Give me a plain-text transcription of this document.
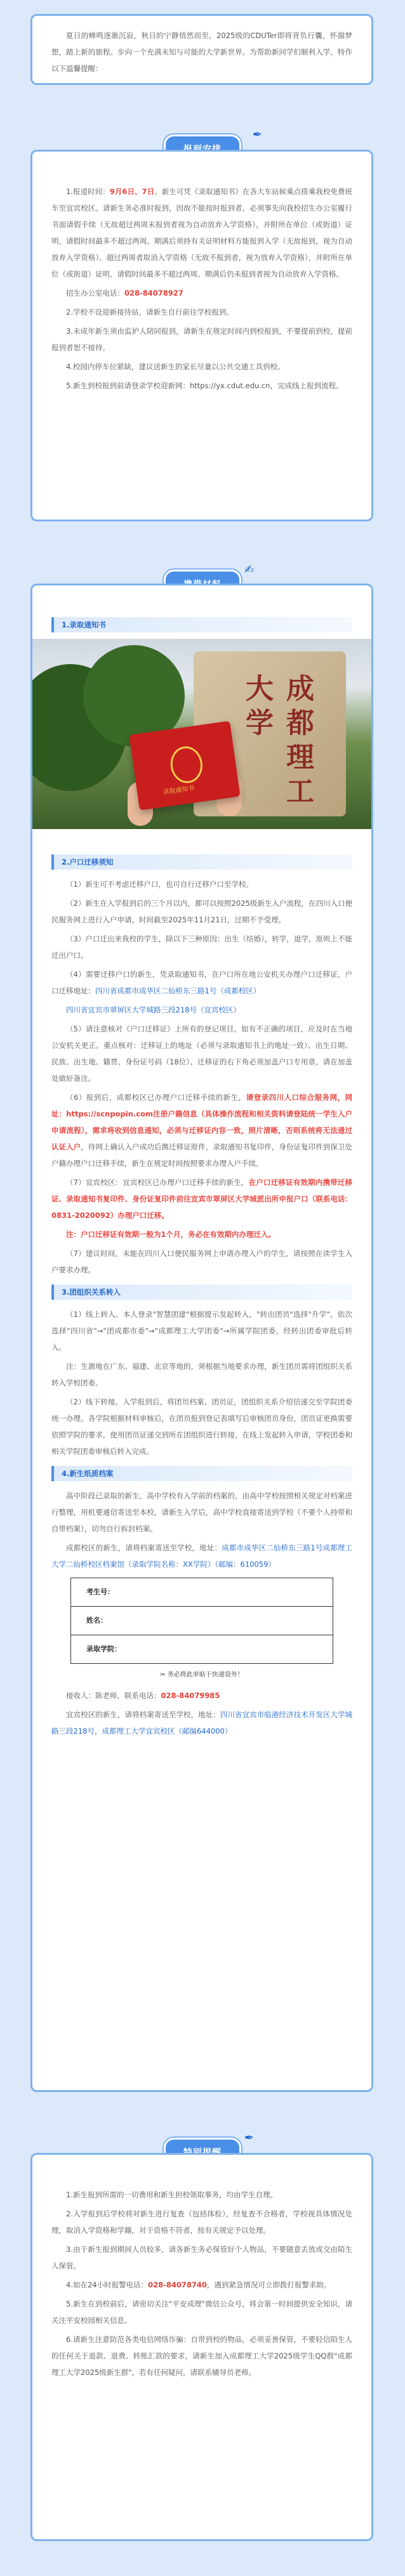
夏日的蝉鸣逐渐沉寂，秋日的宁静悄然而至。2025级的CDUTer即将背负行囊，怀揣梦想，踏上新的旅程。步向一个充满未知与可能的大学新世界。为帮助新同学们顺利入学，特作以下温馨提醒：

✒

1.报道时间：9月6日、7日。新生可凭《录取通知书》在各大车站候乘点搭乘我校免费班车至宜宾校区。请新生务必准时报到，因故不能按时报到者，必须事先向我校招生办公室履行书面请假手续（无故超过两周未报到者视为自动放弃入学资格），并附所在单位（或街道）证明，请假时间最多不超过两周。期满后须持有关证明材料方能报到入学（无故报到，视为自动放弃入学资格）。超过两周者取消入学资格（无故不报到者，视为放弃入学资格），并附所在单位（或街道）证明，请假时间最多不超过两周。期满后仍未报到者视为自动放弃入学资格。

招生办公室电话：028-84078927

2.学校不设迎新接待站，请新生自行前往学校报到。

3.未成年新生须由监护人陪同报到，请新生在规定时间内到校报到，不要提前到校，提前报到者恕不接待。

4.校园内停车位紧缺，建议送新生的家长尽量以公共交通工具到校。

5.新生到校报到前请登录学校迎新网：https://yx.cdut.edu.cn，完成线上报到流程。

✍
1.录取通知书
成都理工大学
录取通知书
2.户口迁移须知

（1）新生可不考虑迁移户口，也可自行迁移户口至学校。

（2）新生在入学报到后的三个月以内，都可以按照2025级新生入户流程，在四川入口便民服务网上进行入户申请，时间截至2025年11月21日，过期不予受理。

（3）户口迁出来我校的学生，除以下三种原因：出生（结婚），转学，退学，原则上不能迁出户口。

（4）需要迁移户口的新生，凭录取通知书，在户口所在地公安机关办理户口迁移证，户口迁移地址：四川省成都市成华区二仙桥东三路1号（成都校区）

四川省宜宾市翠屏区大学城路三段218号（宜宾校区）

（5）请注意核对《户口迁移证》上所有的登记项目，如有不正确的项目，应及时在当地公安机关更正。重点核对：迁移证上的地址（必须与录取通知书上的地址一致）、出生日期、民族、出生地、籍贯、身份证号码（18位）、迁移证的右下角必须加盖户口专用章，请在加盖处做好备注。

（6）报到后，成都校区已办理户口迁移手续的新生，请登录四川人口综合服务网，网址：https://scnpopin.com注册户籍信息（具体操作流程和相关资料请登陆统一学生入户申请流程），需求将收到信息通知，必须与迁移证内容一致，照片清晰，否则系统将无法通过认证入户，待网上确认入户成功后携迁移证原件，录取通知书复印件，身份证复印件到保卫处户籍办理户口迁移手续，新生在规定时间按照要求办理入户手续。

（7）宜宾校区：宜宾校区已办理户口迁移手续的新生，在户口迁移证有效期内携带迁移证、录取通知书复印件、身份证复印件前往宜宾市翠屏区大学城派出所申报户口（联系电话：0831-2020092）办理户口迁移。

注：户口迁移证有效期一般为1个月，务必在有效期内办理迁入。

（7）建议时间，未能在四川入口便民服务网上申请办理入户的学生，请按照在读学生入户要求办理。

3.团组织关系转入

（1）线上转入。本人登录"智慧团建"根据提示发起转入，"转出团员"选择"升学"，依次选择"四川省"→"团成都市委"→"成都理工大学团委"→所属学院团委，经转出团委审批后转入。

注：生源地在广东、福建、北京等地的，须根据当地要求办理，新生团员需将团组织关系转入学校团委。

（2）线下转接。入学报到后，将团员档案、团员证，团组织关系介绍信递交至学院团委统一办理。各学院根据材料审核后，在团员报到登记表填写后审核团员身份，团员证更换需要依照学院的要求，使用团员证递交到所在团组织进行转接，在线上发起转入申请，学校团委和相关学院团委审核后转入完成。

4.新生纸质档案

高中阶段已录取的新生，高中学校有入学前的档案的，由高中学校按照相关规定对档案进行整理，用机要通信寄送至本校，请新生入学后，高中学校直接寄送到学校（不要个人持带和自带档案），切勿自行拆封档案。

成都校区的新生，请将档案寄送至学校，地址：成都市成华区二仙桥东三路1号成都理工大学二仙桥校区档案馆（录取学院名称：XX学院）（邮编：610059）

考生号：
姓名：
录取学院：
✂ 务必将此单贴于快递袋外！

接收人：陈老师，联系电话：028-84079985

宜宾校区的新生，请将档案寄送至学校，地址：四川省宜宾市临港经济技术开发区大学城路三段218号，成都理工大学宜宾校区（邮编644000）

✒

1.新生报到所需的一切费用和新生担校领取事务，均由学生自理。

2.入学报到后学校将对新生进行复查（包括体检），经复查不合格者，学校视具体情况处理，取消入学资格和学籍，对于资格不符者，按有关规定予以处理。

3.由于新生报到期间人员较多，请各新生务必保管好个人物品，不要随意丢放或交由陌生人保管。

4.如在24小时报警电话：028-84078740，遇到紧急情况可立即拨打报警求助。

5.新生在到校前后，请密切关注"平安成理"微信公众号，将会第一时间提供安全知识，请关注平安校园相关信息。

6.请新生注意防范各类电信网络诈骗：自带到校的物品，必须妥善保管，不要轻信陌生人的任何关于退款、退费、转账汇款的要求，请新生加入成都理工大学2025级学生QQ群"成都理工大学2025级新生群"，若有任何疑问，请联系辅导员老师。
